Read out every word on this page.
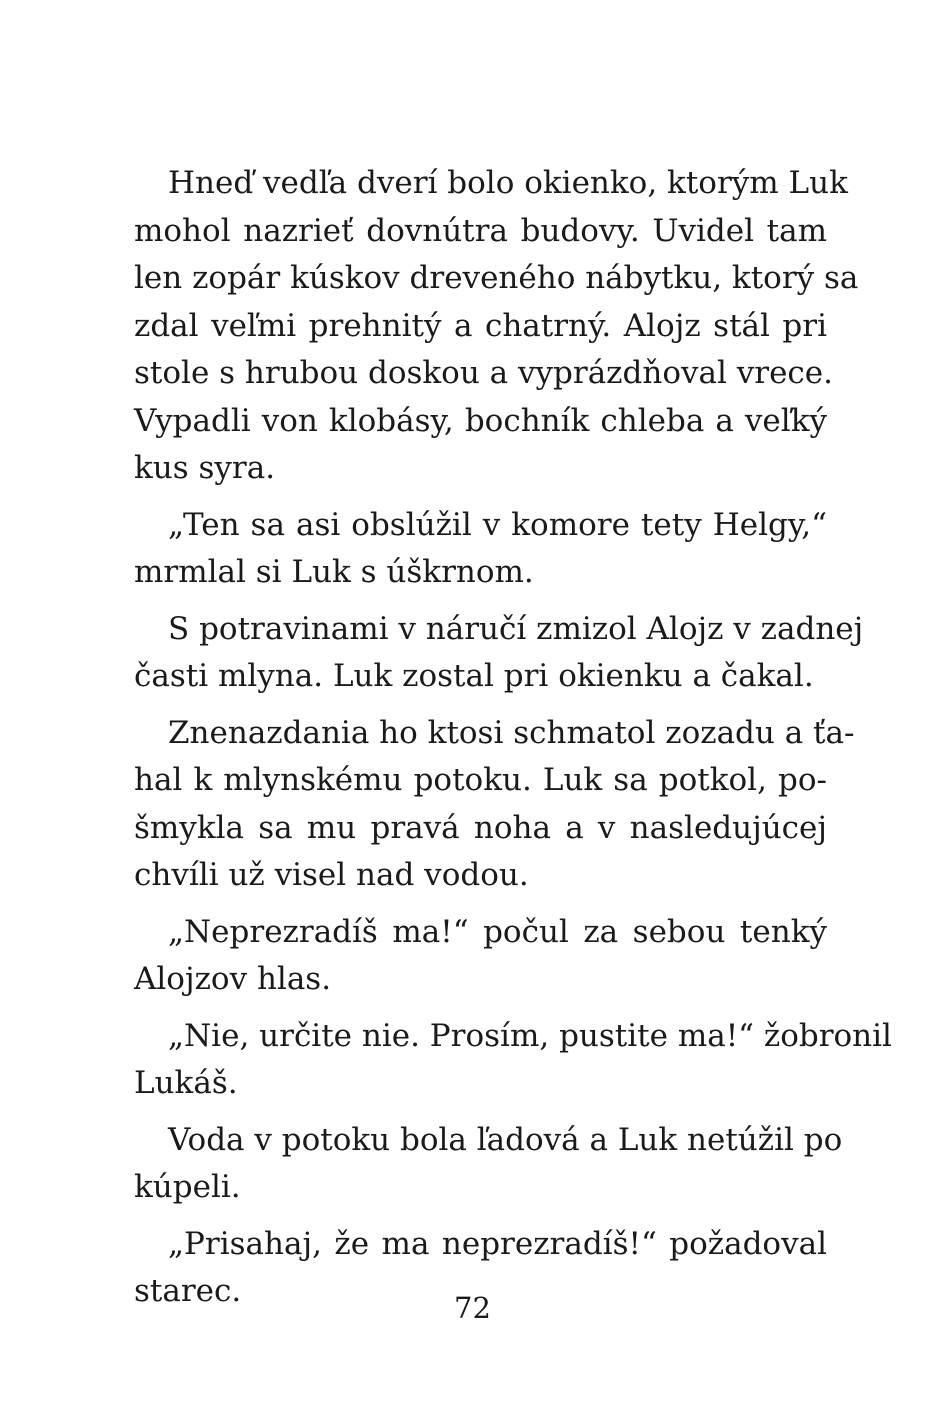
Hneď vedľa dverí bolo okienko, ktorým Luk
mohol nazrieť dovnútra budovy. Uvidel tam
len zopár kúskov dreveného nábytku, ktorý sa
zdal veľmi prehnitý a chatrný. Alojz stál pri
stole s hrubou doskou a vyprázdňoval vrece.
Vypadli von klobásy, bochník chleba a veľký
kus syra.

„Ten sa asi obslúžil v komore tety Helgy,“
mrmlal si Luk s úškrnom.

S potravinami v náručí zmizol Alojz v zadnej
časti mlyna. Luk zostal pri okienku a čakal.

Znenazdania ho ktosi schmatol zozadu a ťa-
hal k mlynskému potoku. Luk sa potkol, po-
šmykla sa mu pravá noha a v nasledujúcej
chvíli už visel nad vodou.

„Neprezradíš ma!“ počul za sebou tenký
Alojzov hlas.

„Nie, určite nie. Prosím, pustite ma!“ žobronil
Lukáš.

Voda v potoku bola ľadová a Luk netúžil po
kúpeli.

„Prisahaj, že ma neprezradíš!“ požadoval
starec.	72
